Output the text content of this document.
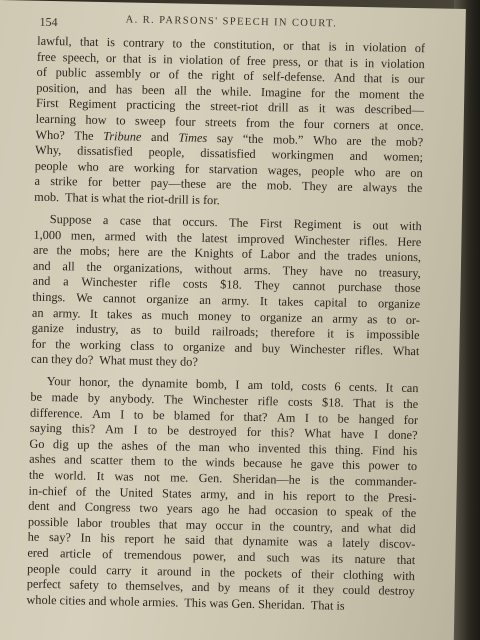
154	A. R. PARSONS' SPEECH IN COURT.
lawful, that is contrary to the constitution, or that is in violation of
free speech, or that is in violation of free press, or that is in violation
of public assembly or of the right of self-defense. And that is our
position, and has been all the while. Imagine for the moment the
First Regiment practicing the street-riot drill as it was described—
learning how to sweep four streets from the four corners at once.
Who? The Tribune and Times say “the mob.” Who are the mob?
Why, dissatisfied people, dissatisfied workingmen and women;
people who are working for starvation wages, people who are on
a strike for better pay—these are the mob. They are always the
mob.  That is what the riot-drill is for.
Suppose a case that occurs. The First Regiment is out with
1,000 men, armed with the latest improved Winchester rifles. Here
are the mobs; here are the Knights of Labor and the trades unions,
and all the organizations, without arms. They have no treasury,
and a Winchester rifle costs $18. They cannot purchase those
things. We cannot organize an army. It takes capital to organize
an army. It takes as much money to organize an army as to or-
ganize industry, as to build railroads; therefore it is impossible
for the working class to organize and buy Winchester rifles. What
can they do?  What must they do?
Your honor, the dynamite bomb, I am told, costs 6 cents. It can
be made by anybody. The Winchester rifle costs $18. That is the
difference. Am I to be blamed for that? Am I to be hanged for
saying this? Am I to be destroyed for this? What have I done?
Go dig up the ashes of the man who invented this thing. Find his
ashes and scatter them to the winds because he gave this power to
the world. It was not me. Gen. Sheridan—he is the commander-
in-chief of the United States army, and in his report to the Presi-
dent and Congress two years ago he had occasion to speak of the
possible labor troubles that may occur in the country, and what did
he say? In his report he said that dynamite was a lately discov-
ered article of tremendous power, and such was its nature that
people could carry it around in the pockets of their clothing with
perfect safety to themselves, and by means of it they could destroy
whole cities and whole armies.  This was Gen. Sheridan.  That is
